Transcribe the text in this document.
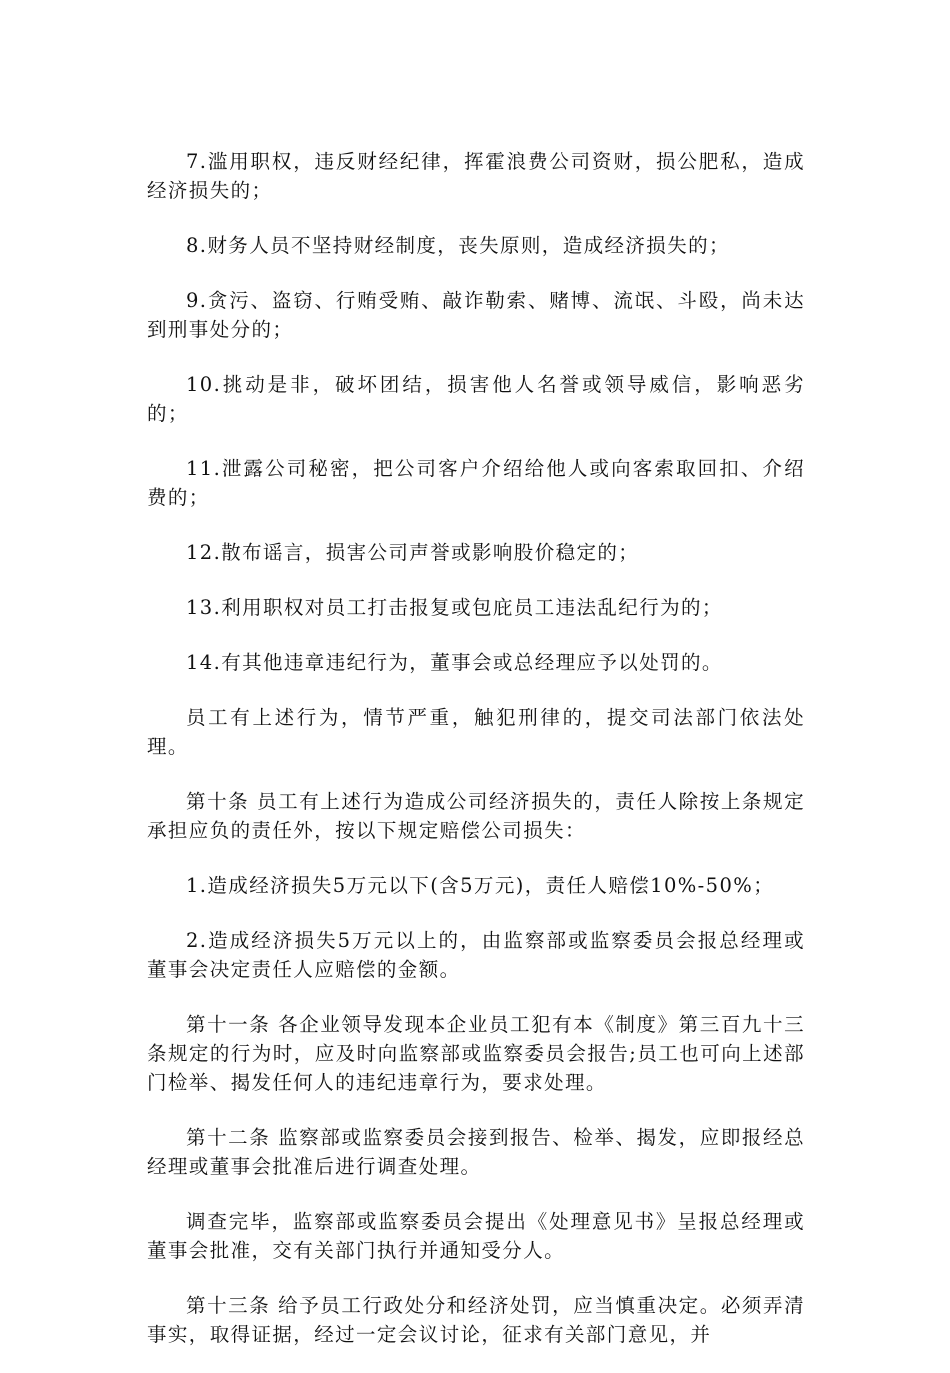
7.滥用职权，违反财经纪律，挥霍浪费公司资财，损公肥私，造成经济损失的；

8.财务人员不坚持财经制度，丧失原则，造成经济损失的；

9.贪污、盗窃、行贿受贿、敲诈勒索、赌博、流氓、斗殴，尚未达到刑事处分的；

10.挑动是非，破坏团结，损害他人名誉或领导威信，影响恶劣的；

11.泄露公司秘密，把公司客户介绍给他人或向客索取回扣、介绍费的；

12.散布谣言，损害公司声誉或影响股价稳定的；

13.利用职权对员工打击报复或包庇员工违法乱纪行为的；

14.有其他违章违纪行为，董事会或总经理应予以处罚的。

员工有上述行为，情节严重，触犯刑律的，提交司法部门依法处理。

第十条 员工有上述行为造成公司经济损失的，责任人除按上条规定承担应负的责任外，按以下规定赔偿公司损失：

1.造成经济损失5万元以下(含5万元)，责任人赔偿10%-50%；

2.造成经济损失5万元以上的，由监察部或监察委员会报总经理或董事会决定责任人应赔偿的金额。

第十一条 各企业领导发现本企业员工犯有本《制度》第三百九十三条规定的行为时，应及时向监察部或监察委员会报告;员工也可向上述部门检举、揭发任何人的违纪违章行为，要求处理。

第十二条 监察部或监察委员会接到报告、检举、揭发，应即报经总经理或董事会批准后进行调查处理。

调查完毕，监察部或监察委员会提出《处理意见书》呈报总经理或董事会批准，交有关部门执行并通知受分人。

第十三条 给予员工行政处分和经济处罚，应当慎重决定。必须弄清事实，取得证据，经过一定会议讨论，征求有关部门意见，并
